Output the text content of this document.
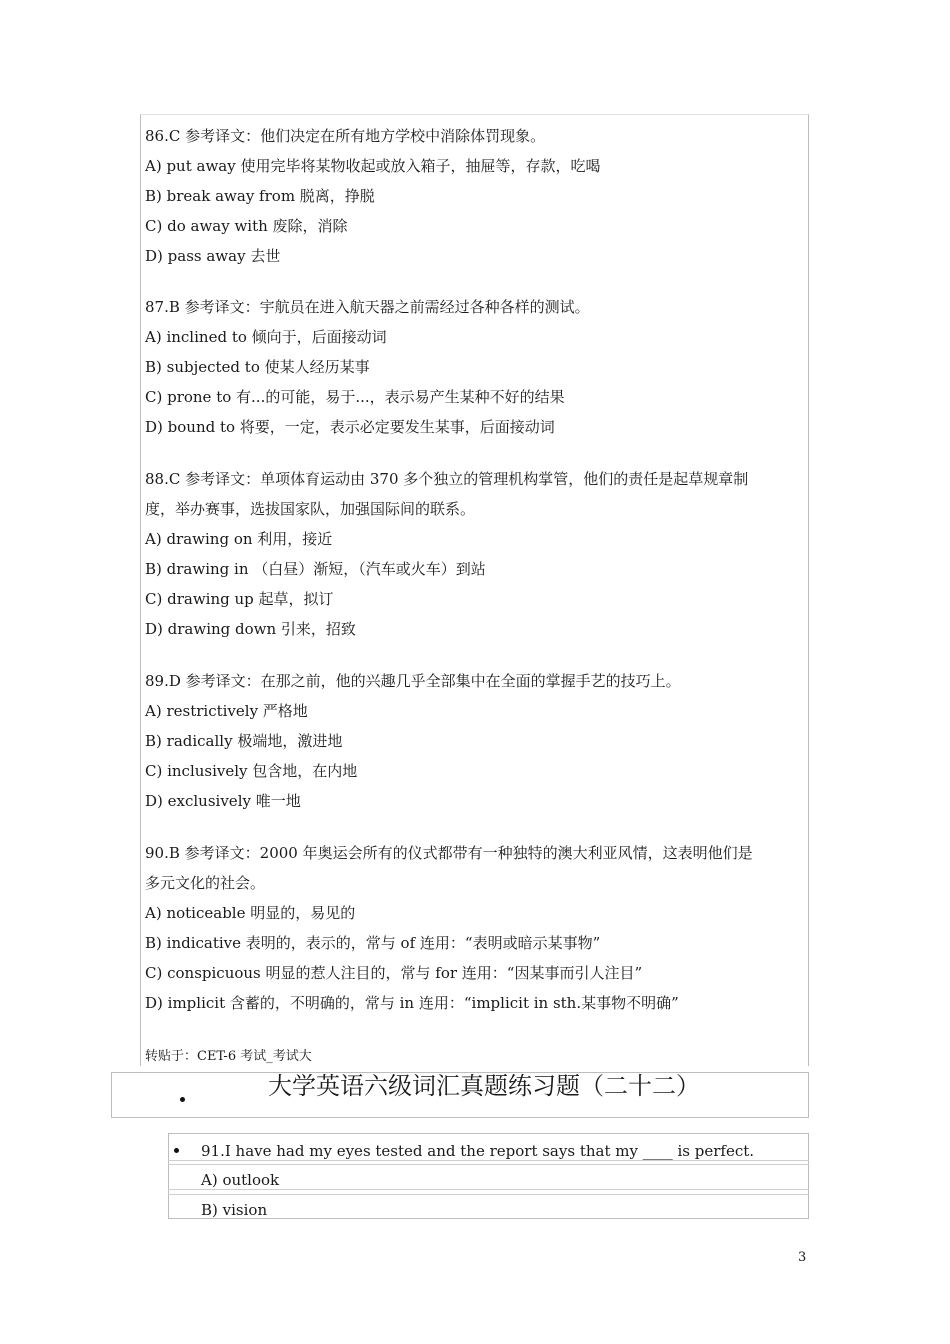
86.C 参考译文：他们决定在所有地方学校中消除体罚现象。
A) put away 使用完毕将某物收起或放入箱子，抽屉等，存款，吃喝
B) break away from 脱离，挣脱
C) do away with 废除，消除
D) pass away 去世
87.B 参考译文：宇航员在进入航天器之前需经过各种各样的测试。
A) inclined to 倾向于，后面接动词
B) subjected to 使某人经历某事
C) prone to 有...的可能，易于...，表示易产生某种不好的结果
D) bound to 将要，一定，表示必定要发生某事，后面接动词
88.C 参考译文：单项体育运动由 370 多个独立的管理机构掌管，他们的责任是起草规章制
度，举办赛事，选拔国家队，加强国际间的联系。
A) drawing on 利用，接近
B) drawing in （白昼）渐短，（汽车或火车）到站
C) drawing up 起草，拟订
D) drawing down 引来，招致
89.D 参考译文：在那之前，他的兴趣几乎全部集中在全面的掌握手艺的技巧上。
A) restrictively 严格地
B) radically 极端地，激进地
C) inclusively 包含地，在内地
D) exclusively 唯一地
90.B 参考译文：2000 年奥运会所有的仪式都带有一种独特的澳大利亚风情，这表明他们是
多元文化的社会。
A) noticeable 明显的，易见的
B) indicative 表明的，表示的，常与 of 连用：“表明或暗示某事物”
C) conspicuous 明显的惹人注目的，常与 for 连用：“因某事而引人注目”
D) implicit 含蓄的，不明确的，常与 in 连用：“implicit in sth.某事物不明确”
转贴于：CET-6 考试_考试大
大学英语六级词汇真题练习题（二十二）
91.I have had my eyes tested and the report says that my ____ is perfect.
A) outlook
B) vision
3
